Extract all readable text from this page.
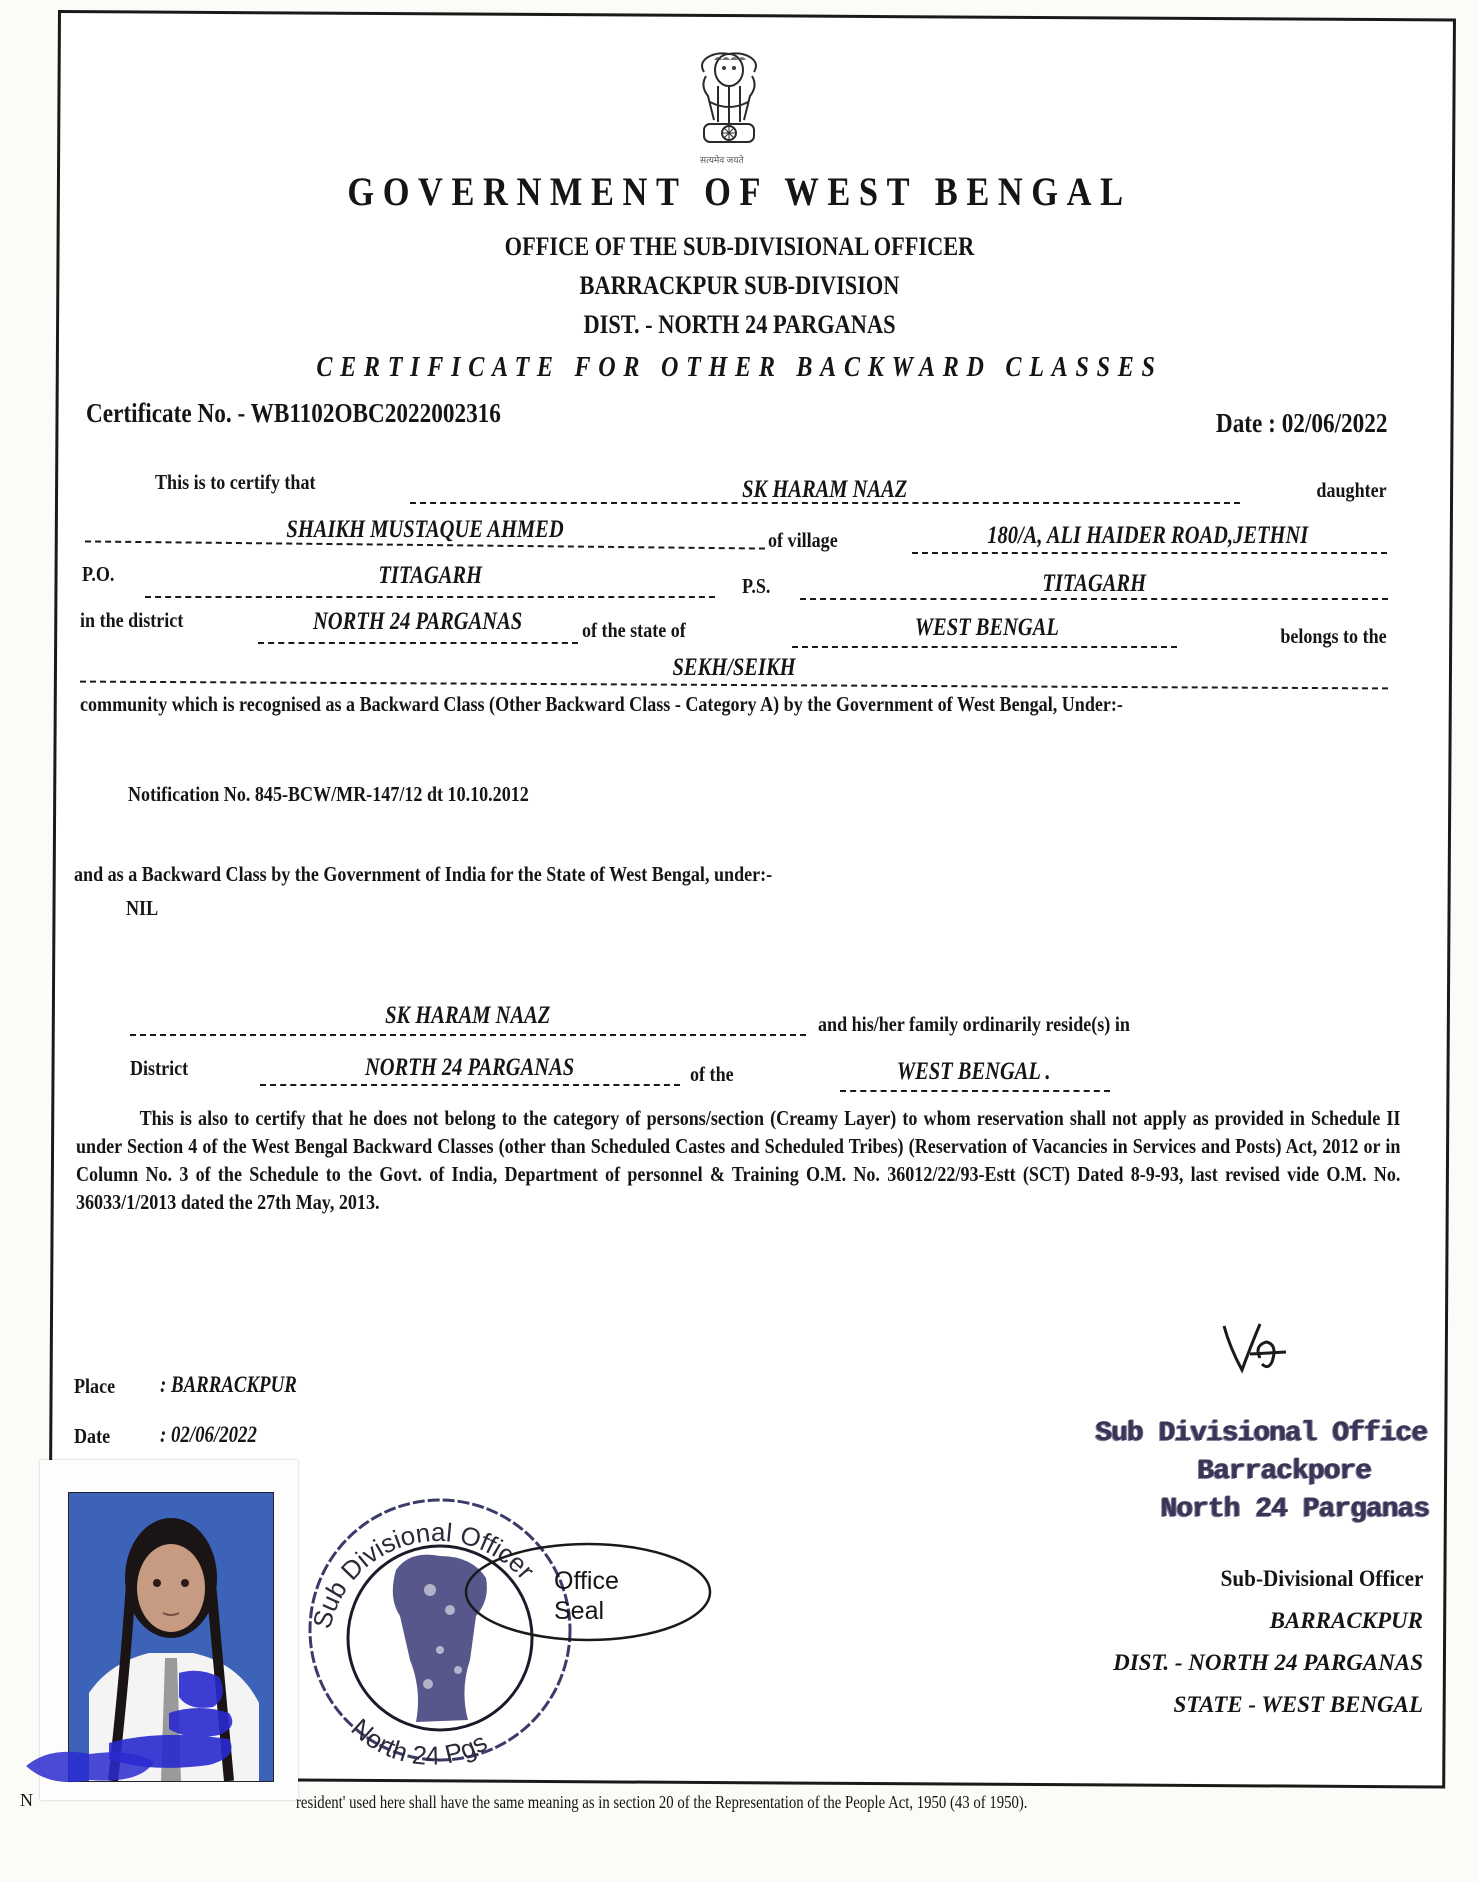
सत्यमेव जयते
GOVERNMENT OF WEST BENGAL
OFFICE OF THE SUB-DIVISIONAL OFFICER
BARRACKPUR SUB-DIVISION
DIST. - NORTH 24 PARGANAS
CERTIFICATE FOR OTHER BACKWARD CLASSES
Certificate No. - WB1102OBC2022002316	Date : 02/06/2022
This is to certify that	SK HARAM NAAZ	daughter
SHAIKH MUSTAQUE AHMED	of village	180/A, ALI HAIDER ROAD,JETHNI
P.O.	TITAGARH	P.S.	TITAGARH
in the district	NORTH 24 PARGANAS	of the state of	WEST BENGAL	belongs to the
SEKH/SEIKH
community which is recognised as a Backward Class (Other Backward Class - Category A) by the Government of West Bengal, Under:-
Notification No. 845-BCW/MR-147/12 dt 10.10.2012
and as a Backward Class by the Government of India for the State of West Bengal, under:-
NIL
SK HARAM NAAZ	and his/her family ordinarily reside(s) in
District	NORTH 24 PARGANAS	of the	WEST BENGAL .
This is also to certify that he does not belong to the category of persons/section (Creamy Layer) to whom reservation shall not apply as provided in Schedule II under Section 4 of the West Bengal Backward Classes (other than Scheduled Castes and Scheduled Tribes) (Reservation of Vacancies in Services and Posts) Act, 2012 or in Column No. 3 of the Schedule to the Govt. of India, Department of personnel & Training O.M. No. 36012/22/93-Estt (SCT) Dated 8-9-93, last revised vide O.M. No. 36033/1/2013 dated the 27th May, 2013.
Place : BARRACKPUR
Date : 02/06/2022	Sub Divisional Office
Barrackpore
North 24 Parganas
Sub-Divisional Officer
BARRACKPUR
DIST. - NORTH 24 PARGANAS
STATE - WEST BENGAL
Sub Divisional Officer
North 24 Pgs
Office
Seal
N	resident' used here shall have the same meaning as in section 20 of the Representation of the People Act, 1950 (43 of 1950).
